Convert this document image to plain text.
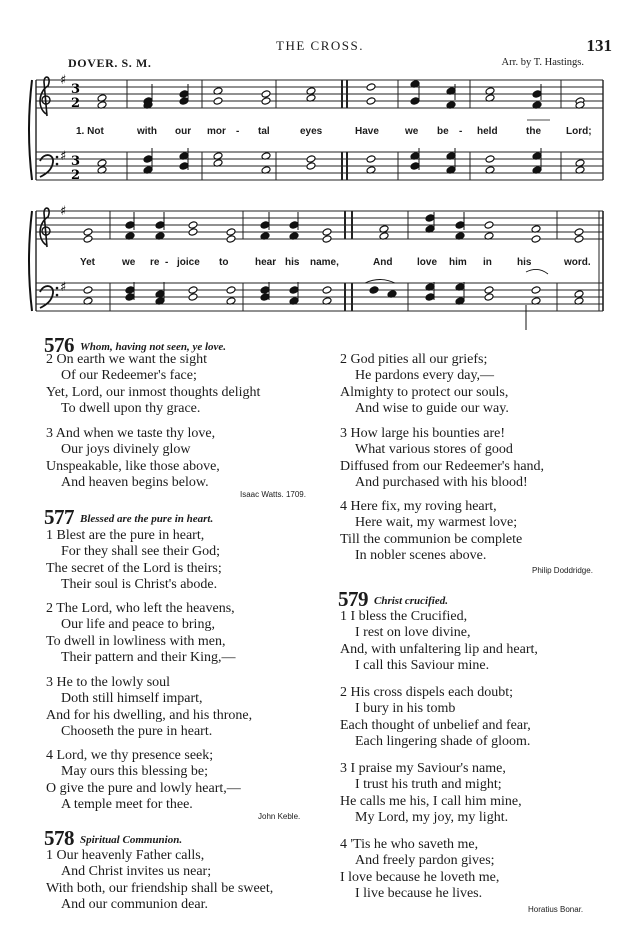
THE CROSS.	131
DOVER. S. M.	Arr. by T. Hastings.
♯
3
2
♯ 3
2
♯
♯
1. Not	with our mor - tal	eyes	Have	we be - held	the	Lord;
Yet	we re - joice to	hear his name,	And love him in	his	word.
576 Whom, having not seen, ye love.
2 On earth we want the sight
Of our Redeemer's face;
Yet, Lord, our inmost thoughts delight
To dwell upon thy grace.
3 And when we taste thy love,
Our joys divinely glow
Unspeakable, like those above,
And heaven begins below.
Isaac Watts. 1709.
577 Blessed are the pure in heart.
1 Blest are the pure in heart,
For they shall see their God;
The secret of the Lord is theirs;
Their soul is Christ's abode.
2 The Lord, who left the heavens,
Our life and peace to bring,
To dwell in lowliness with men,
Their pattern and their King,—
3 He to the lowly soul
Doth still himself impart,
And for his dwelling, and his throne,
Chooseth the pure in heart.
4 Lord, we thy presence seek;
May ours this blessing be;
O give the pure and lowly heart,—
A temple meet for thee.
John Keble.
578 Spiritual Communion.
1 Our heavenly Father calls,
And Christ invites us near;
With both, our friendship shall be sweet,
And our communion dear.
2 God pities all our griefs;
He pardons every day,—
Almighty to protect our souls,
And wise to guide our way.
3 How large his bounties are!
What various stores of good
Diffused from our Redeemer's hand,
And purchased with his blood!
4 Here fix, my roving heart,
Here wait, my warmest love;
Till the communion be complete
In nobler scenes above.
Philip Doddridge.
579 Christ crucified.
1 I bless the Crucified,
I rest on love divine,
And, with unfaltering lip and heart,
I call this Saviour mine.
2 His cross dispels each doubt;
I bury in his tomb
Each thought of unbelief and fear,
Each lingering shade of gloom.
3 I praise my Saviour's name,
I trust his truth and might;
He calls me his, I call him mine,
My Lord, my joy, my light.
4 'Tis he who saveth me,
And freely pardon gives;
I love because he loveth me,
I live because he lives.
Horatius Bonar.
